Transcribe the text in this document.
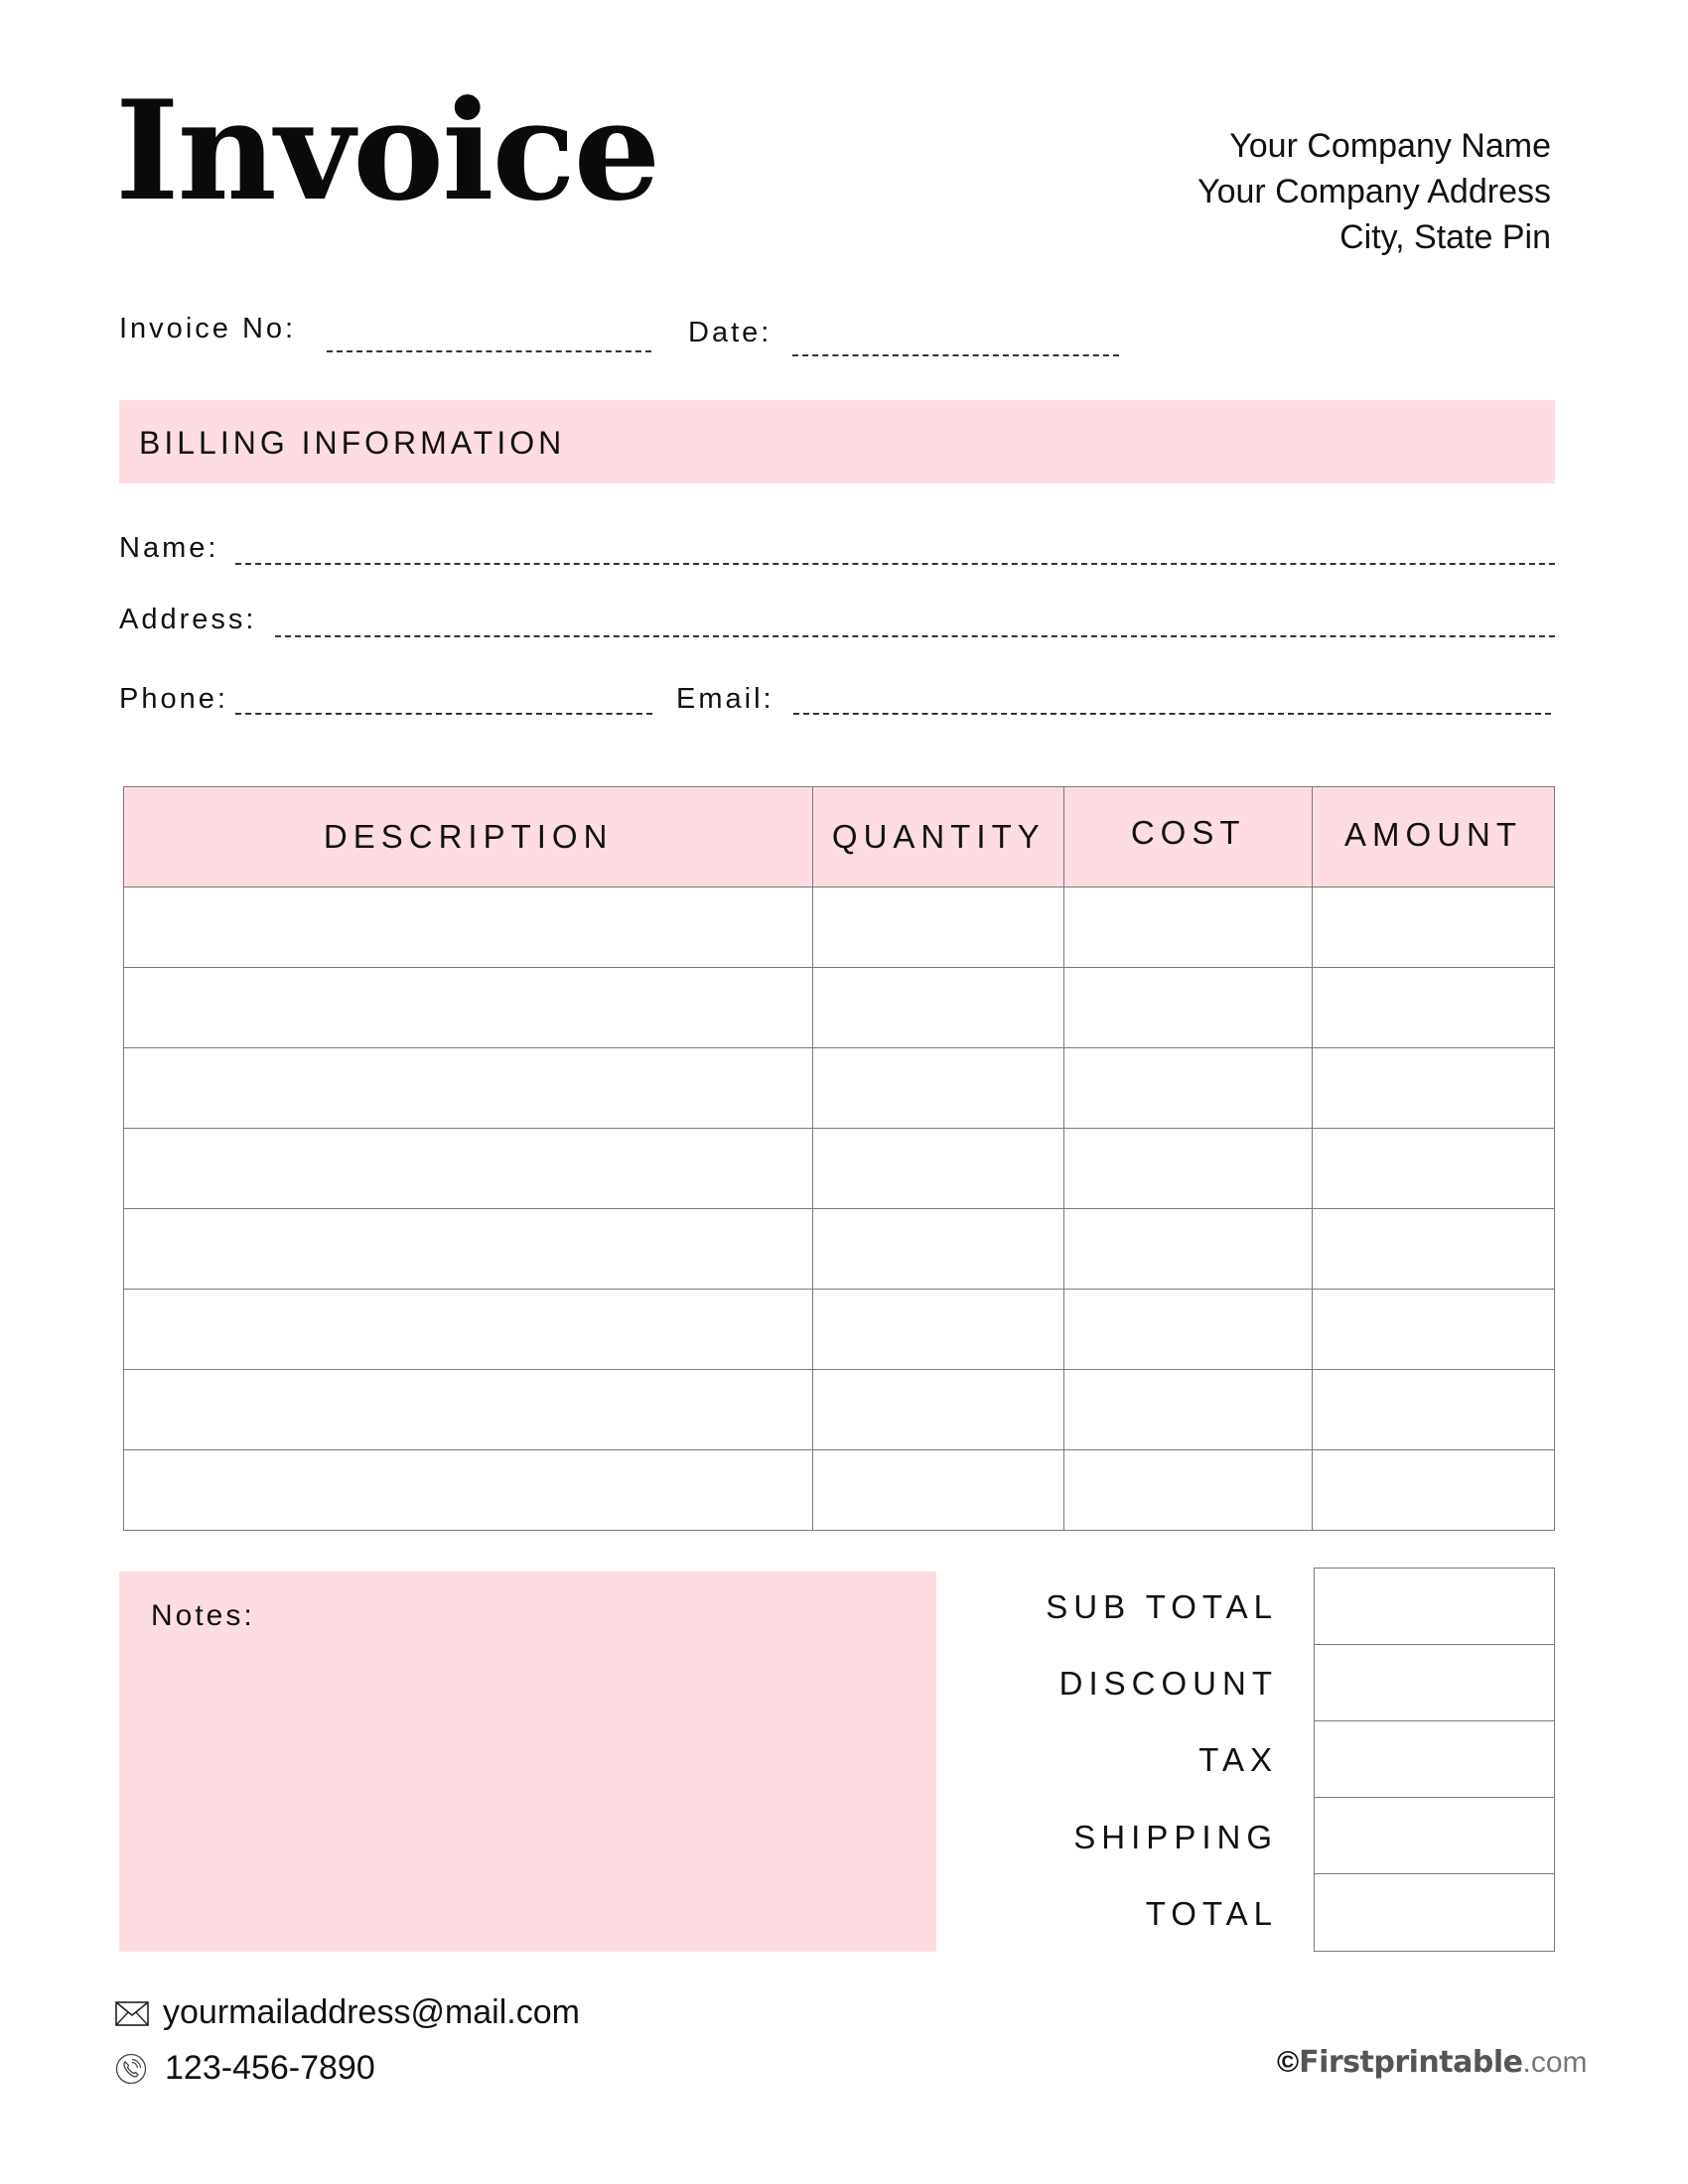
Invoice	Your Company Name
Your Company Address
City, State Pin
Invoice No:	Date:
BILLING INFORMATION
Name:
Address:
Phone:	Email:
DESCRIPTION	QUANTITY	COST	AMOUNT

Notes:	SUB TOTAL
DISCOUNT
TAX
SHIPPING
TOTAL
yourmailaddress@mail.com
123-456-7890	©Firstprintable.com
